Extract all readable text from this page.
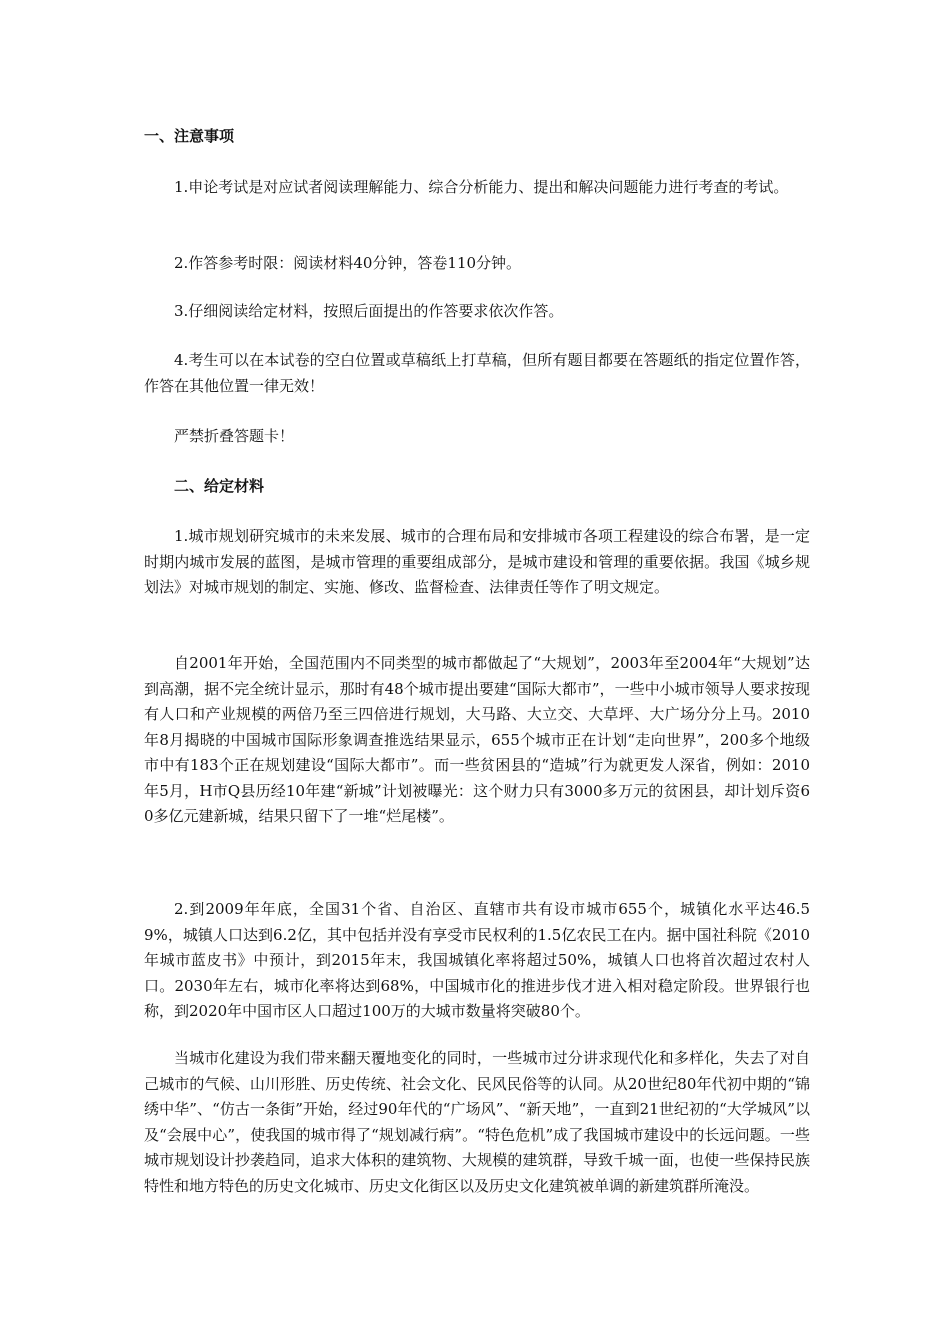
一、注意事项

1.申论考试是对应试者阅读理解能力、综合分析能力、提出和解决问题能力进行考查的考试。

2.作答参考时限：阅读材料40分钟，答卷110分钟。

3.仔细阅读给定材料，按照后面提出的作答要求依次作答。

4.考生可以在本试卷的空白位置或草稿纸上打草稿，但所有题目都要在答题纸的指定位置作答，作答在其他位置一律无效！

严禁折叠答题卡！

二、给定材料

1.城市规划研究城市的未来发展、城市的合理布局和安排城市各项工程建设的综合布署，是一定时期内城市发展的蓝图，是城市管理的重要组成部分，是城市建设和管理的重要依据。我国《城乡规划法》对城市规划的制定、实施、修改、监督检查、法律责任等作了明文规定。

自2001年开始，全国范围内不同类型的城市都做起了“大规划”，2003年至2004年“大规划”达到高潮，据不完全统计显示，那时有48个城市提出要建“国际大都市”，一些中小城市领导人要求按现有人口和产业规模的两倍乃至三四倍进行规划，大马路、大立交、大草坪、大广场分分上马。2010年8月揭晓的中国城市国际形象调查推选结果显示，655个城市正在计划“走向世界”，200多个地级市中有183个正在规划建设“国际大都市”。而一些贫困县的“造城”行为就更发人深省，例如：2010年5月，H市Q县历经10年建“新城”计划被曝光：这个财力只有3000多万元的贫困县，却计划斥资60多亿元建新城，结果只留下了一堆“烂尾楼”。

2.到2009年年底，全国31个省、自治区、直辖市共有设市城市655个，城镇化水平达46.59%，城镇人口达到6.2亿，其中包括并没有享受市民权利的1.5亿农民工在内。据中国社科院《2010年城市蓝皮书》中预计，到2015年末，我国城镇化率将超过50%，城镇人口也将首次超过农村人口。2030年左右，城市化率将达到68%，中国城市化的推进步伐才进入相对稳定阶段。世界银行也称，到2020年中国市区人口超过100万的大城市数量将突破80个。

当城市化建设为我们带来翻天覆地变化的同时，一些城市过分讲求现代化和多样化，失去了对自己城市的气候、山川形胜、历史传统、社会文化、民风民俗等的认同。从20世纪80年代初中期的“锦绣中华”、“仿古一条街”开始，经过90年代的“广场风”、“新天地”，一直到21世纪初的“大学城风”以及“会展中心”，使我国的城市得了“规划减行病”。“特色危机”成了我国城市建设中的长远问题。一些城市规划设计抄袭趋同，追求大体积的建筑物、大规模的建筑群，导致千城一面，也使一些保持民族特性和地方特色的历史文化城市、历史文化街区以及历史文化建筑被单调的新建筑群所淹没。
